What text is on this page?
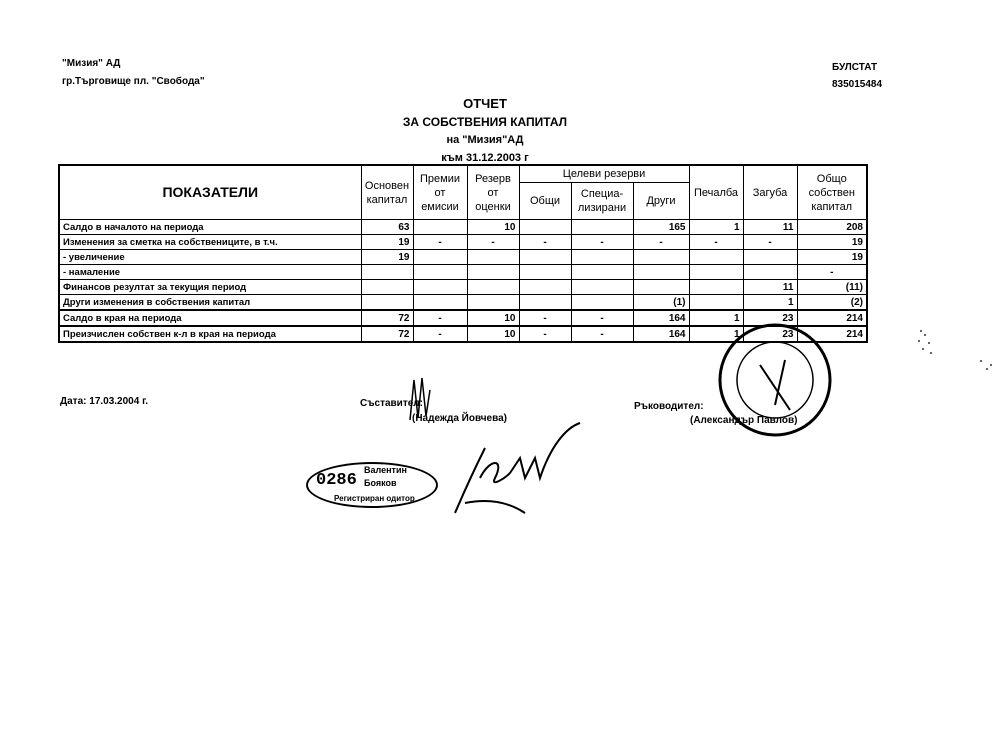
"Мизия" АД
гр.Търговище пл. "Свобода"
БУЛСТАТ
835015484
ОТЧЕТ
ЗА СОБСТВЕНИЯ КАПИТАЛ
на "Мизия"АД
към 31.12.2003 г
ПОКАЗАТЕЛИ	Основен капитал	Премии от емисии	Резерв от оценки	Целеви резерви			Печалба	Загуба	Общо собствен капитал
				Общи	Специа-лизирани	Други			
Салдо в началото на периода	63		10			165	1	11	208
Изменения за сметка на собствениците, в т.ч.	19	-	-	-	-	-	-	-	19
- увеличение	19								19
- намаление									-
Финансов резултат за текущия период								11	(11)
Други изменения в собствения капитал						(1)		1	(2)
Салдо в края на периода	72	-	10	-	-	164	1	23	214
Преизчислен собствен к-л в края на периода	72	-	10	-	-	164	1	23	214
Дата: 17.03.2004 г.	Съставител:
(Надежда Йовчева)
Ръководител:
(Александър Павлов)
0286
Валентин
Бояков
Регистриран одитор
